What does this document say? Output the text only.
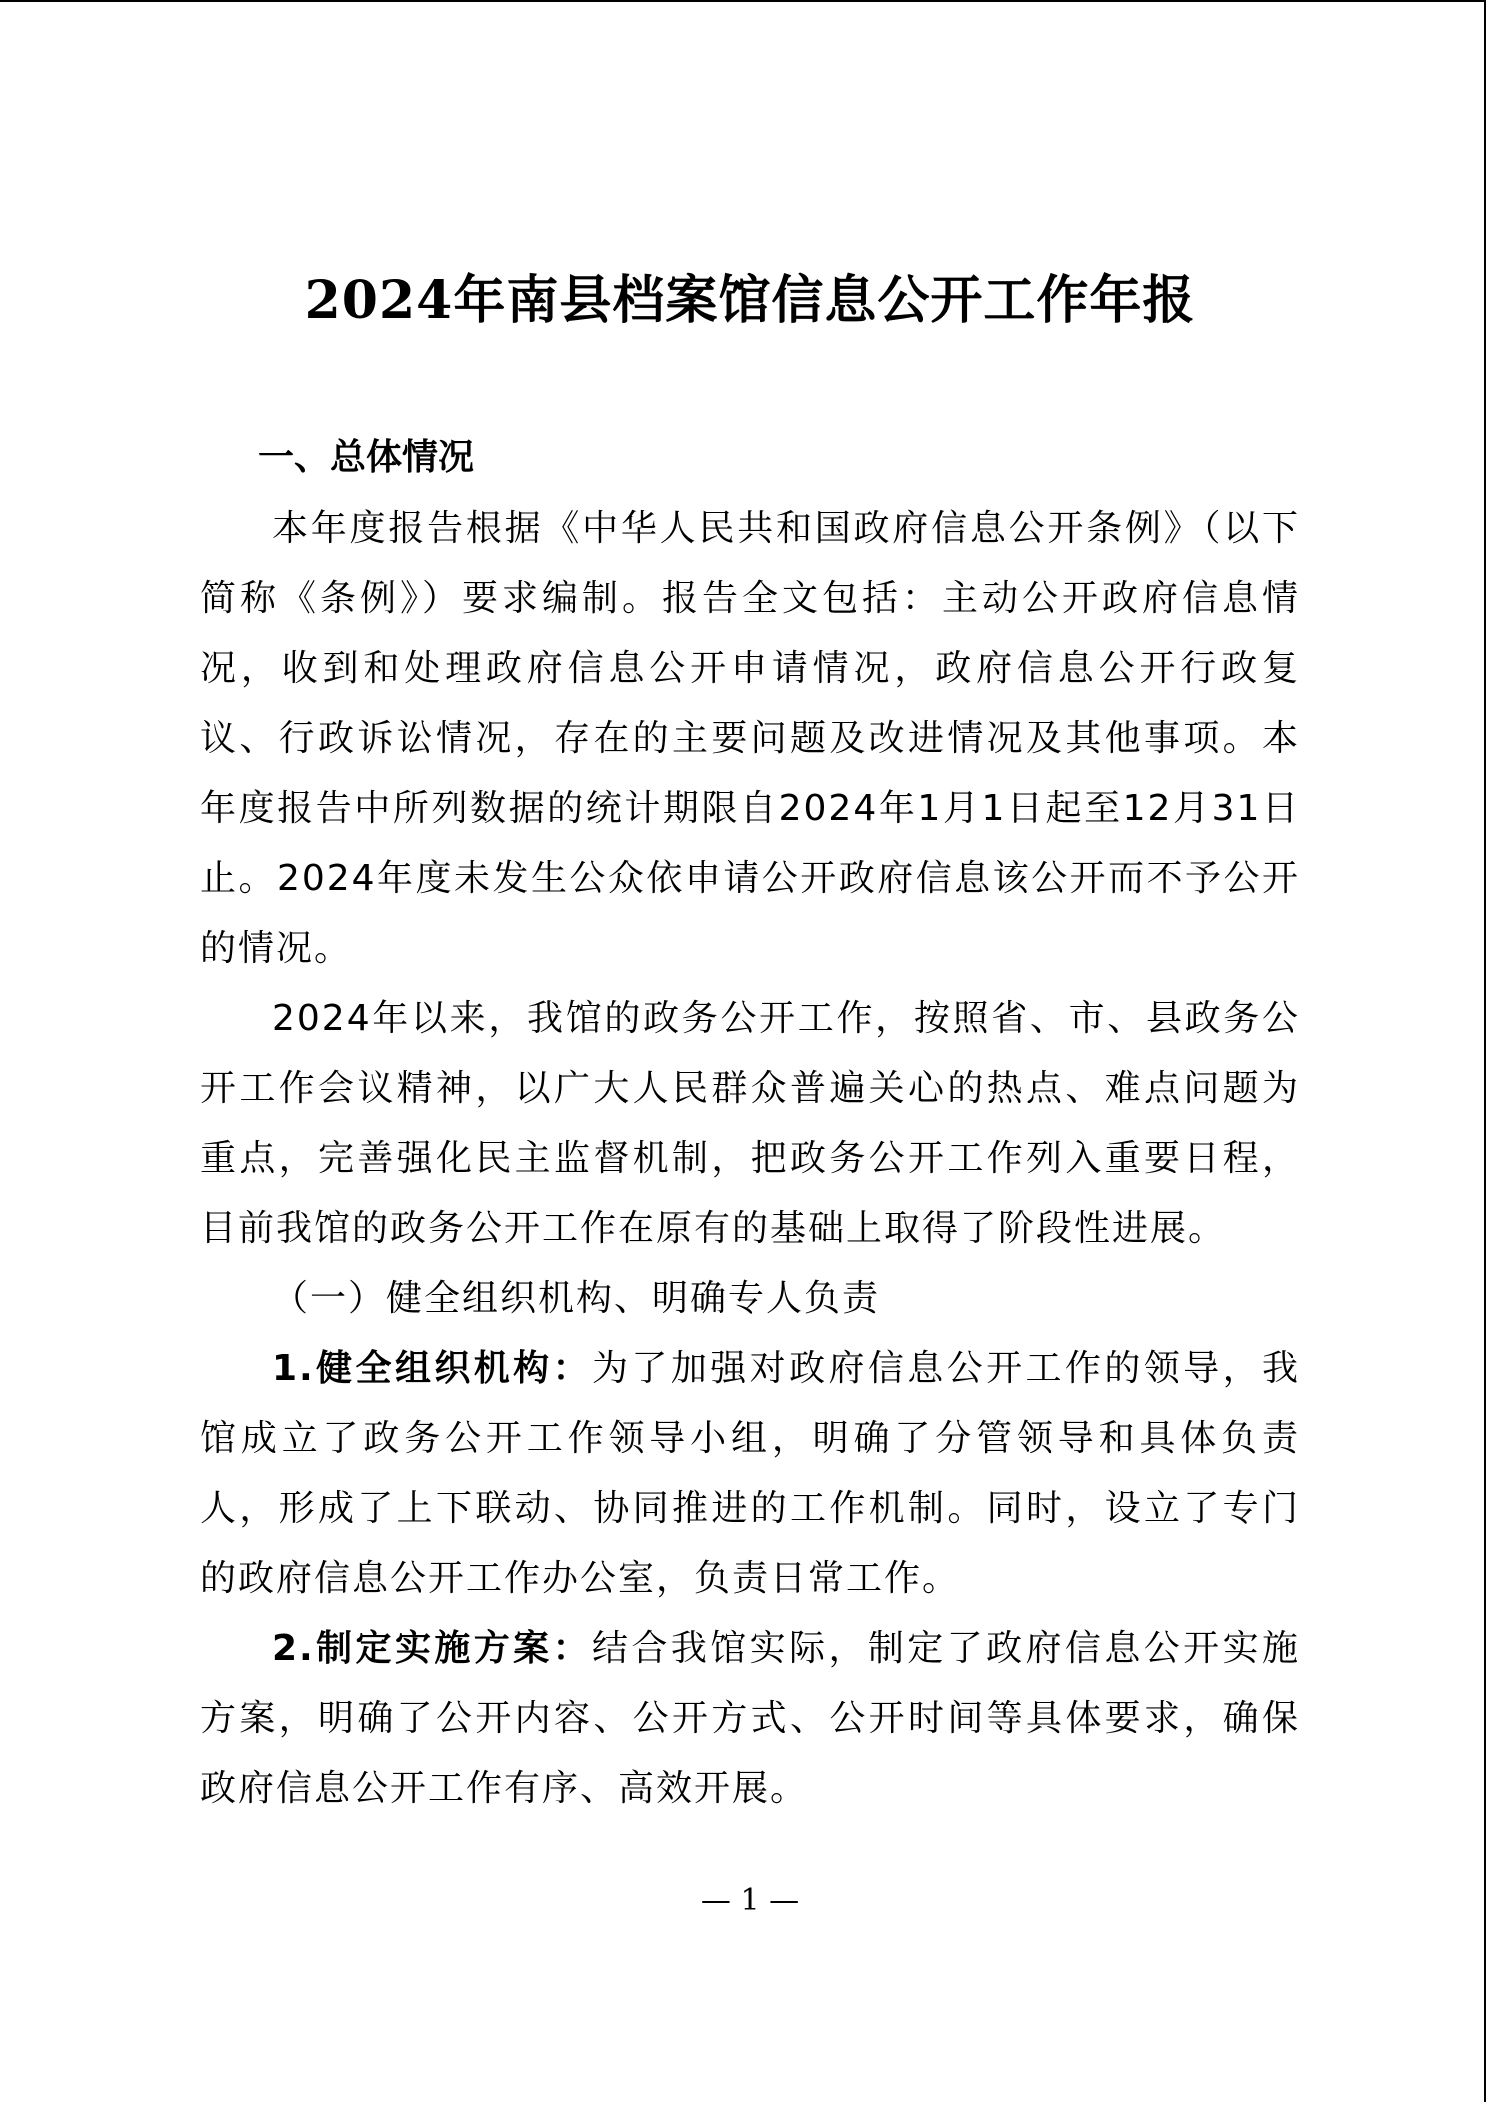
2024年南县档案馆信息公开工作年报
一、总体情况

本年度报告根据《中华人民共和国政府信息公开条例》（以下简称《条例》）要求编制。报告全文包括：主动公开政府信息情况，收到和处理政府信息公开申请情况，政府信息公开行政复议、行政诉讼情况，存在的主要问题及改进情况及其他事项。本年度报告中所列数据的统计期限自2024年1月1日起至12月31日止。2024年度未发生公众依申请公开政府信息该公开而不予公开的情况。

2024年以来，我馆的政务公开工作，按照省、市、县政务公开工作会议精神，以广大人民群众普遍关心的热点、难点问题为重点，完善强化民主监督机制，把政务公开工作列入重要日程，目前我馆的政务公开工作在原有的基础上取得了阶段性进展。

（一）健全组织机构、明确专人负责

1.健全组织机构：为了加强对政府信息公开工作的领导，我馆成立了政务公开工作领导小组，明确了分管领导和具体负责人，形成了上下联动、协同推进的工作机制。同时，设立了专门的政府信息公开工作办公室，负责日常工作。

2.制定实施方案：结合我馆实际，制定了政府信息公开实施方案，明确了公开内容、公开方式、公开时间等具体要求，确保政府信息公开工作有序、高效开展。

— 1 —
